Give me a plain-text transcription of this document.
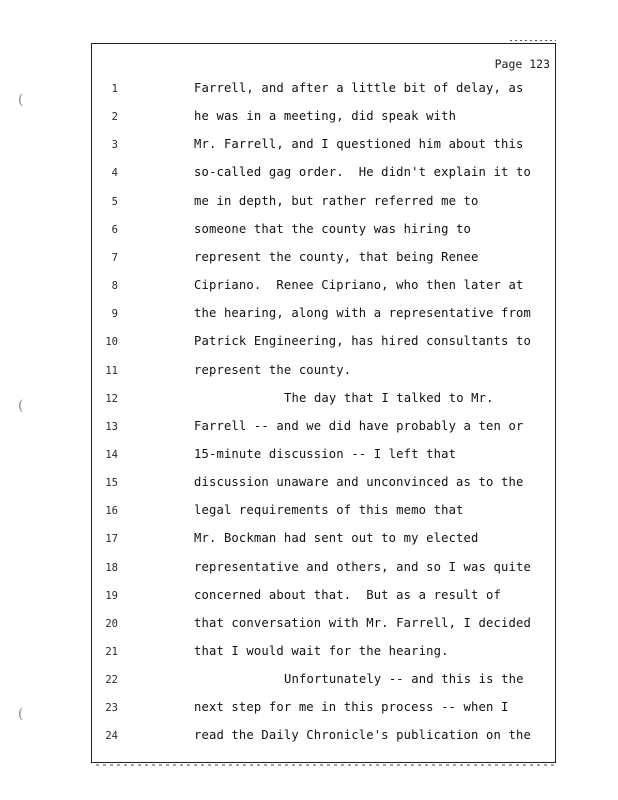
Page 123
1	Farrell, and after a little bit of delay, as
2	he was in a meeting, did speak with
3	Mr. Farrell, and I questioned him about this
4	so-called gag order.  He didn't explain it to
5	me in depth, but rather referred me to
6	someone that the county was hiring to
7	represent the county, that being Renee
8	Cipriano.  Renee Cipriano, who then later at
9	the hearing, along with a representative from
10	Patrick Engineering, has hired consultants to
11	represent the county.
12	The day that I talked to Mr.
13	Farrell -- and we did have probably a ten or
14	15-minute discussion -- I left that
15	discussion unaware and unconvinced as to the
16	legal requirements of this memo that
17	Mr. Bockman had sent out to my elected
18	representative and others, and so I was quite
19	concerned about that.  But as a result of
20	that conversation with Mr. Farrell, I decided
21	that I would wait for the hearing.
22	Unfortunately -- and this is the
23	next step for me in this process -- when I
24	read the Daily Chronicle's publication on the
(
(
(
